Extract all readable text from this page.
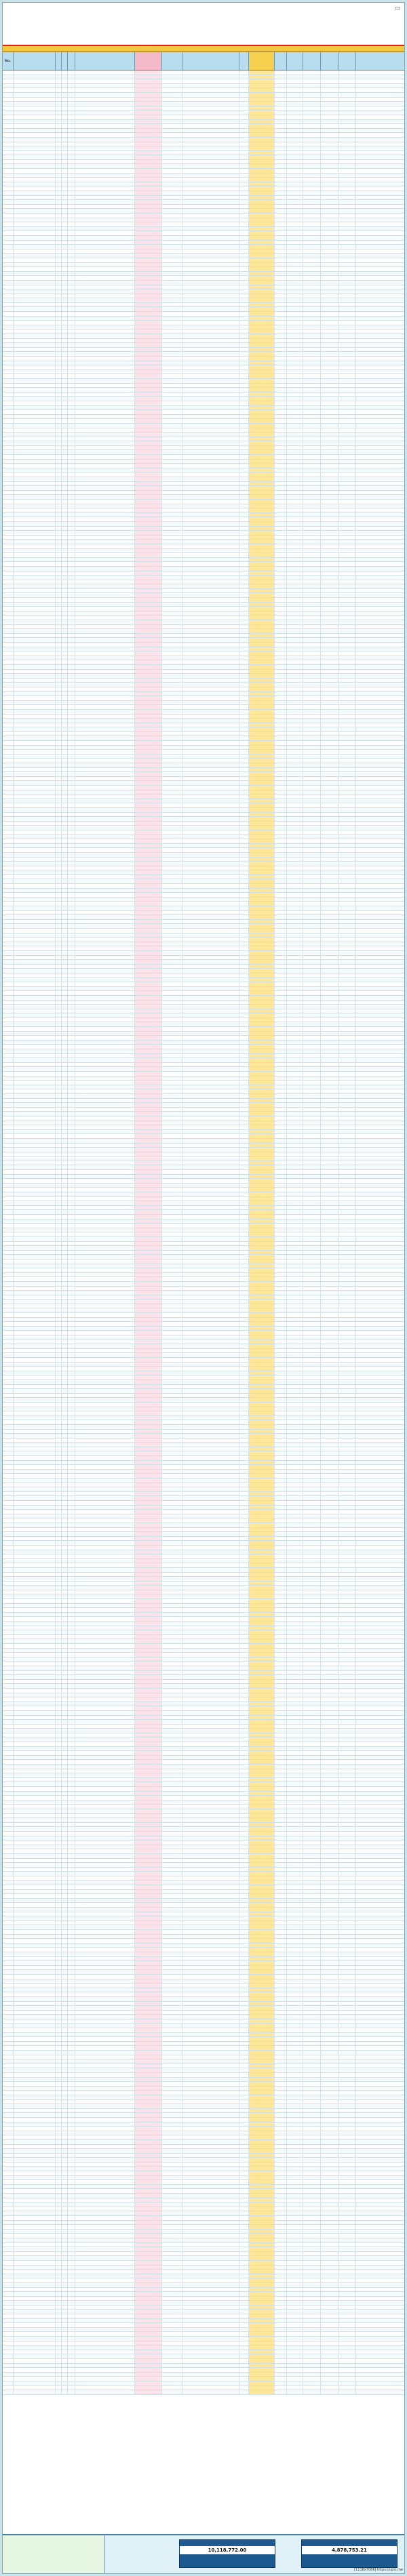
No.
10,118,772.00	4,878,753.21
[1118x7086] https://upic.me
